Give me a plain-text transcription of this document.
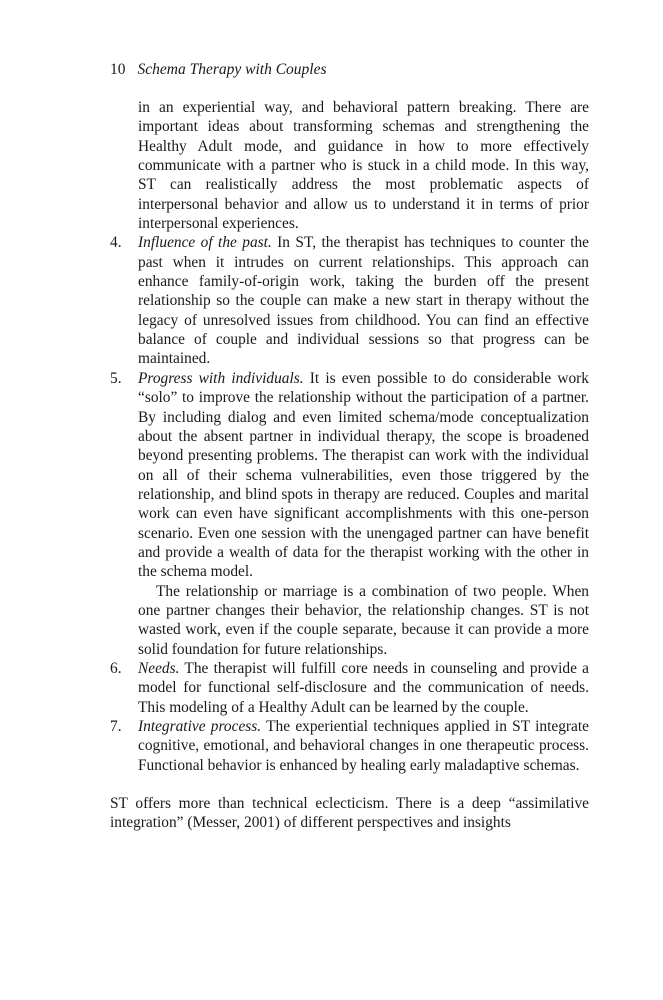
10 Schema Therapy with Couples

in an experiential way, and behavioral pattern breaking. There are important ideas about transforming schemas and strengthening the Healthy Adult mode, and guidance in how to more effectively communicate with a partner who is stuck in a child mode. In this way, ST can realistically address the most problematic aspects of interpersonal behavior and allow us to understand it in terms of prior interpersonal experiences.

4. Influence of the past. In ST, the therapist has techniques to counter the past when it intrudes on current relationships. This approach can enhance family-of-origin work, taking the burden off the present relationship so the couple can make a new start in therapy without the legacy of unresolved issues from childhood. You can find an effective balance of couple and individual sessions so that progress can be maintained.
5. Progress with individuals. It is even possible to do considerable work “solo” to improve the relationship without the participation of a partner. By including dialog and even limited schema/mode conceptualization about the absent partner in individual therapy, the scope is broadened beyond presenting problems. The therapist can work with the individual on all of their schema vulnerabilities, even those triggered by the relationship, and blind spots in therapy are reduced. Couples and marital work can even have significant accomplishments with this one-person scenario. Even one session with the unengaged partner can have benefit and provide a wealth of data for the therapist working with the other in the schema model.

The relationship or marriage is a combination of two people. When one partner changes their behavior, the relationship changes. ST is not wasted work, even if the couple separate, because it can provide a more solid foundation for future relationships.

6. Needs. The therapist will fulfill core needs in counseling and provide a model for functional self-disclosure and the communication of needs. This modeling of a Healthy Adult can be learned by the couple.
7. Integrative process. The experiential techniques applied in ST integrate cognitive, emotional, and behavioral changes in one therapeutic process. Functional behavior is enhanced by healing early maladaptive schemas.

ST offers more than technical eclecticism. There is a deep “assimilative integration” (Messer, 2001) of different perspectives and insights
